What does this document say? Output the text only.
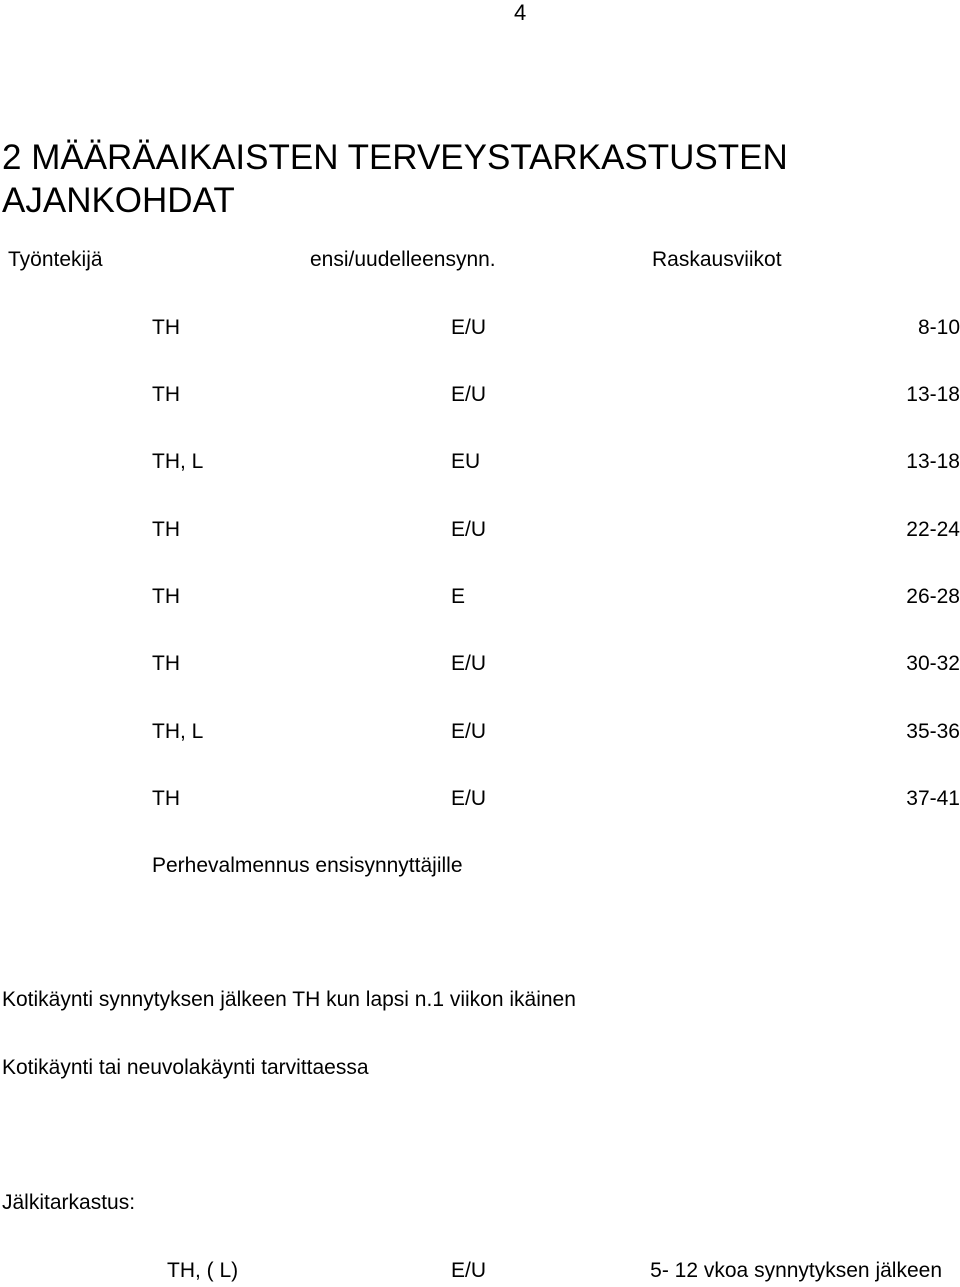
4
2 MÄÄRÄAIKAISTEN TERVEYSTARKASTUSTEN
AJANKOHDAT
Työntekijä	ensi/uudelleensynn.	Raskausviikot
TH	E/U	8-10
TH	E/U	13-18
TH, L	EU	13-18
TH	E/U	22-24
TH	E	26-28
TH	E/U	30-32
TH, L	E/U	35-36
TH	E/U	37-41
Perhevalmennus ensisynnyttäjille
Kotikäynti synnytyksen jälkeen TH kun lapsi n.1 viikon ikäinen
Kotikäynti tai neuvolakäynti tarvittaessa
Jälkitarkastus:
TH, ( L)	E/U	5- 12 vkoa synnytyksen jälkeen
